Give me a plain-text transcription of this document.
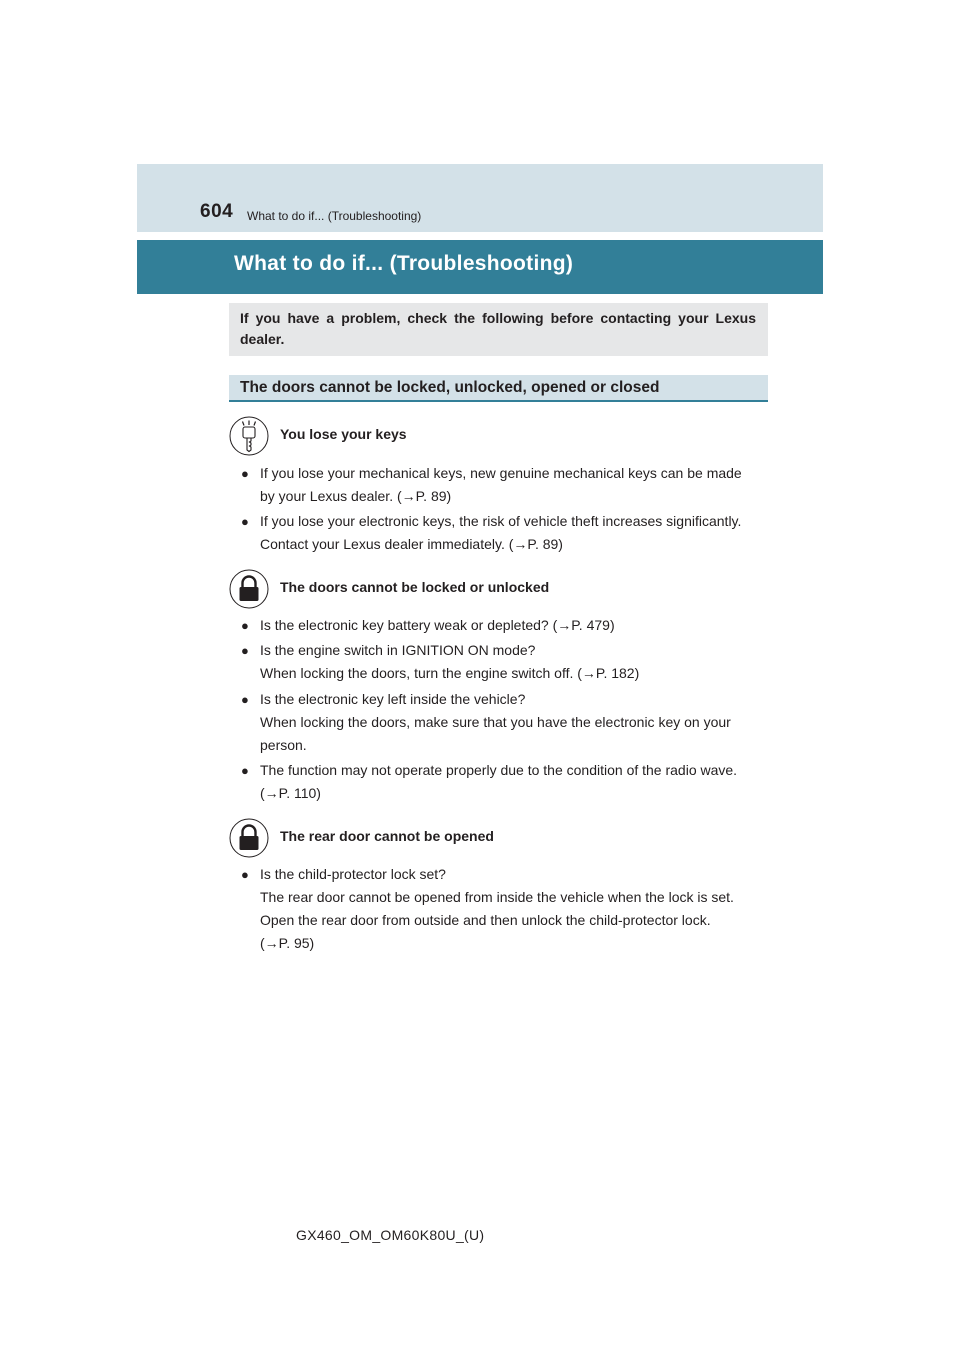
604 What to do if... (Troubleshooting)
What to do if... (Troubleshooting)
If you have a problem, check the following before contacting your Lexus dealer.
The doors cannot be locked, unlocked, opened or closed
You lose your keys
● If you lose your mechanical keys, new genuine mechanical keys can be made
by your Lexus dealer. (→P. 89)
● If you lose your electronic keys, the risk of vehicle theft increases significantly.
Contact your Lexus dealer immediately. (→P. 89)
The doors cannot be locked or unlocked
● Is the electronic key battery weak or depleted? (→P. 479)
● Is the engine switch in IGNITION ON mode?
When locking the doors, turn the engine switch off. (→P. 182)
● Is the electronic key left inside the vehicle?
When locking the doors, make sure that you have the electronic key on your
person.
● The function may not operate properly due to the condition of the radio wave.
(→P. 110)
The rear door cannot be opened
● Is the child-protector lock set?
The rear door cannot be opened from inside the vehicle when the lock is set.
Open the rear door from outside and then unlock the child-protector lock.
(→P. 95)
GX460_OM_OM60K80U_(U)
